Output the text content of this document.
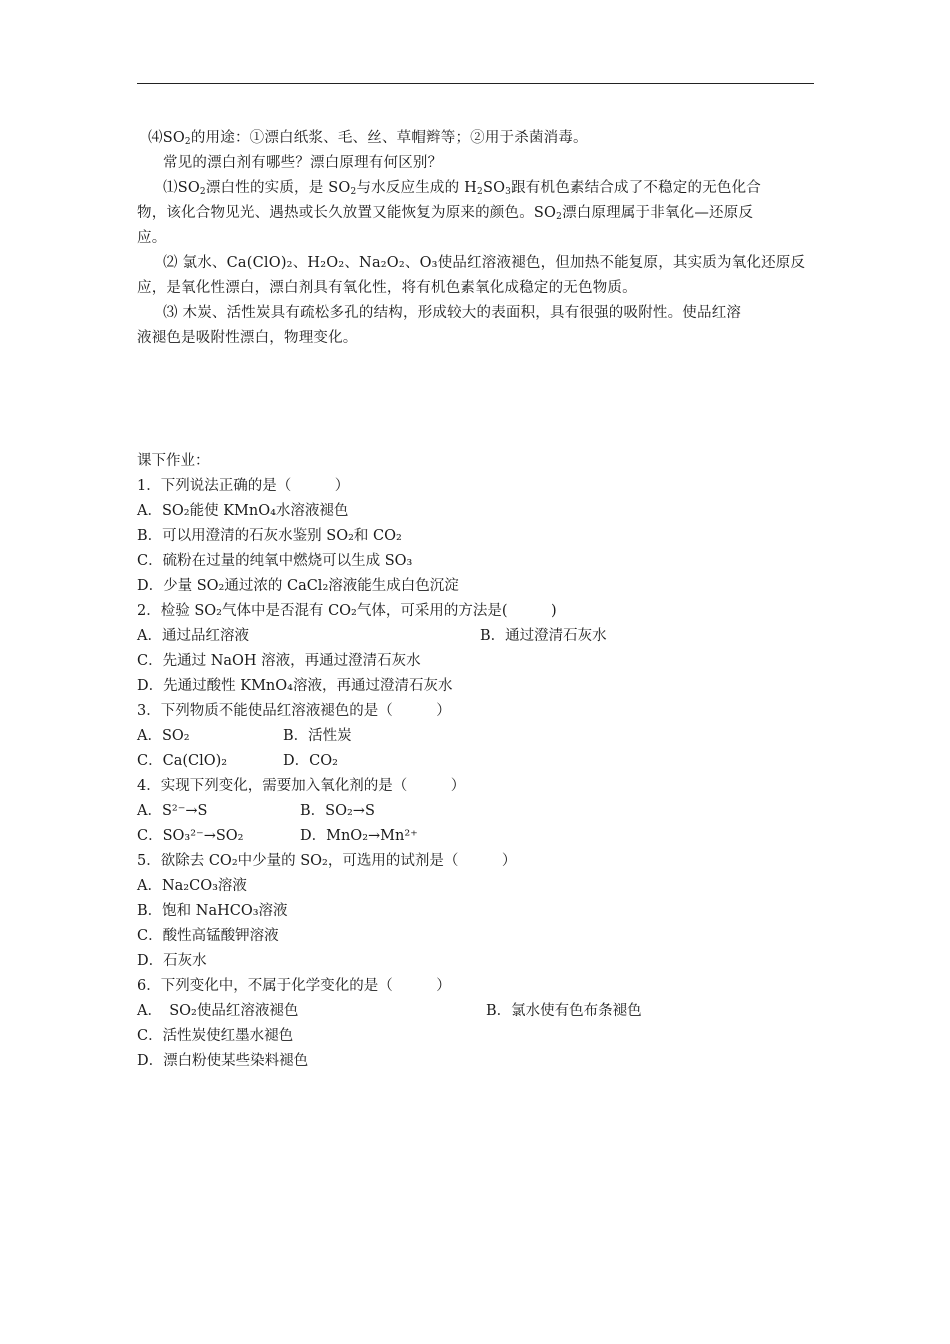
$⑷SO_2$的用途：①漂白纸浆、毛、丝、草帽辫等；②用于杀菌消毒。
常见的漂白剂有哪些？漂白原理有何区别？
$⑴SO_2$漂白性的实质，是 $SO_2$与水反应生成的 $H_2SO_3$跟有机色素结合成了不稳定的无色化合
物，该化合物见光、遇热或长久放置又能恢复为原来的颜色。$SO_2$漂白原理属于非氧化—还原反
应。
⑵ 氯水、Ca(ClO)₂、H₂O₂、Na₂O₂、O₃使品红溶液褪色，但加热不能复原，其实质为氧化还原反
应，是氧化性漂白，漂白剂具有氧化性，将有机色素氧化成稳定的无色物质。
⑶ 木炭、活性炭具有疏松多孔的结构，形成较大的表面积，具有很强的吸附性。使品红溶
液褪色是吸附性漂白，物理变化。
课下作业：
1．下列说法正确的是（　　　）
A．SO₂能使 KMnO₄水溶液褪色
B．可以用澄清的石灰水鉴别 SO₂和 CO₂
C．硫粉在过量的纯氧中燃烧可以生成 SO₃
D．少量 SO₂通过浓的 CaCl₂溶液能生成白色沉淀
2．检验 SO₂气体中是否混有 CO₂气体，可采用的方法是(　　　)
A．通过品红溶液	B．通过澄清石灰水
C．先通过 NaOH 溶液，再通过澄清石灰水
D．先通过酸性 KMnO₄溶液，再通过澄清石灰水
3．下列物质不能使品红溶液褪色的是（　　　）
A．SO₂	B．活性炭
C．Ca(ClO)₂	D．CO₂
4．实现下列变化，需要加入氧化剂的是（　　　）
A．S²⁻→S	B．SO₂→S
C．SO₃²⁻→SO₂	D．MnO₂→Mn²⁺
5．欲除去 CO₂中少量的 SO₂，可选用的试剂是（　　　）
A．Na₂CO₃溶液
B．饱和 NaHCO₃溶液
C．酸性高锰酸钾溶液
D．石灰水
6．下列变化中，不属于化学变化的是（　　　）
A．　SO₂使品红溶液褪色	B．氯水使有色布条褪色
C．活性炭使红墨水褪色
D．漂白粉使某些染料褪色
